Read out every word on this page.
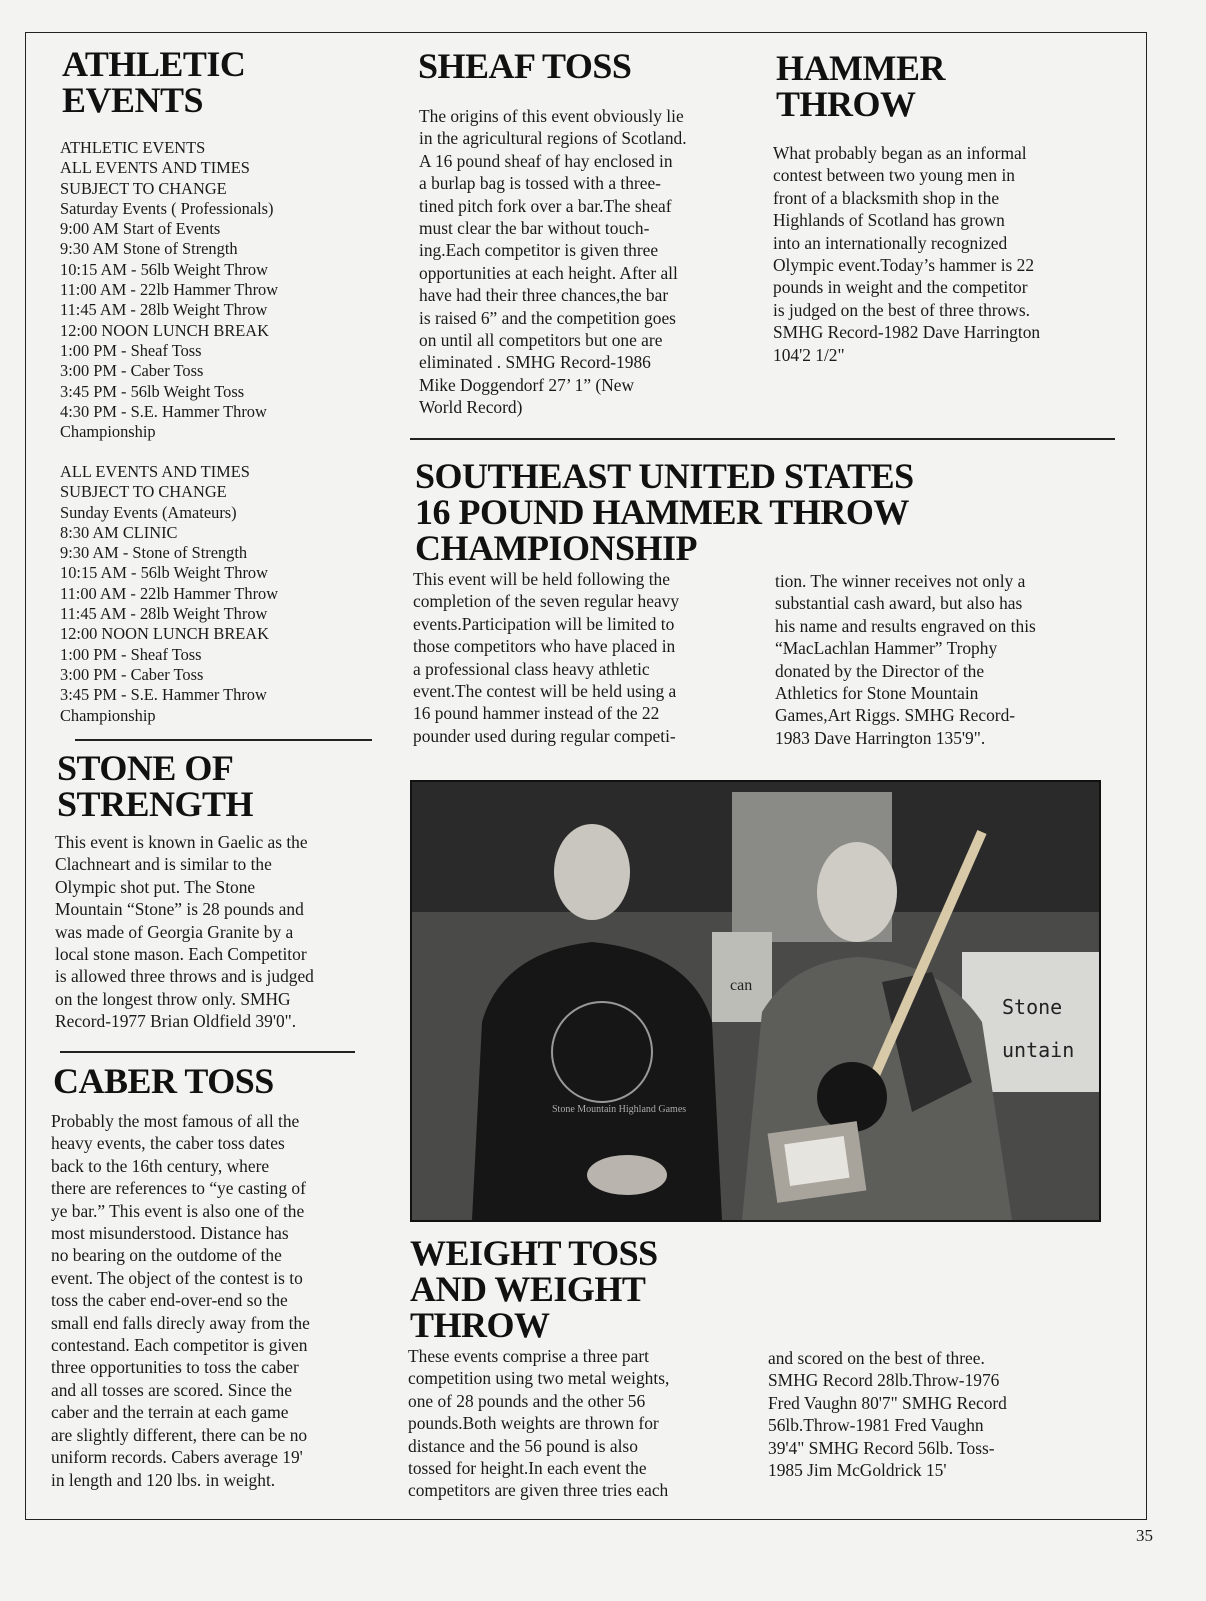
ATHLETIC
EVENTS
ATHLETIC EVENTS
ALL EVENTS AND TIMES
SUBJECT TO CHANGE
Saturday Events ( Professionals)
9:00 AM Start of Events
9:30 AM Stone of Strength
10:15 AM - 56lb Weight Throw
11:00 AM - 22lb Hammer Throw
11:45 AM - 28lb Weight Throw
12:00 NOON LUNCH BREAK
1:00 PM - Sheaf Toss
3:00 PM - Caber Toss
3:45 PM - 56lb Weight Toss
4:30 PM - S.E. Hammer Throw
Championship
ALL EVENTS AND TIMES
SUBJECT TO CHANGE
Sunday Events (Amateurs)
8:30 AM CLINIC
9:30 AM - Stone of Strength
10:15 AM - 56lb Weight Throw
11:00 AM - 22lb Hammer Throw
11:45 AM - 28lb Weight Throw
12:00 NOON LUNCH BREAK
1:00 PM - Sheaf Toss
3:00 PM - Caber Toss
3:45 PM - S.E. Hammer Throw
Championship
STONE OF
STRENGTH
This event is known in Gaelic as the
Clachneart and is similar to the
Olympic shot put. The Stone
Mountain “Stone” is 28 pounds and
was made of Georgia Granite by a
local stone mason. Each Competitor
is allowed three throws and is judged
on the longest throw only. SMHG
Record-1977 Brian Oldfield 39'0".
CABER TOSS
Probably the most famous of all the
heavy events, the caber toss dates
back to the 16th century, where
there are references to “ye casting of
ye bar.” This event is also one of the
most misunderstood. Distance has
no bearing on the outdome of the
event. The object of the contest is to
toss the caber end-over-end so the
small end falls direcly away from the
contestand. Each competitor is given
three opportunities to toss the caber
and all tosses are scored. Since the
caber and the terrain at each game
are slightly different, there can be no
uniform records. Cabers average 19'
in length and 120 lbs. in weight.
SHEAF TOSS
The origins of this event obviously lie
in the agricultural regions of Scotland.
A 16 pound sheaf of hay enclosed in
a burlap bag is tossed with a three-
tined pitch fork over a bar.The sheaf
must clear the bar without touch-
ing.Each competitor is given three
opportunities at each height. After all
have had their three chances,the bar
is raised 6” and the competition goes
on until all competitors but one are
eliminated . SMHG Record-1986
Mike Doggendorf 27’ 1” (New
World Record)
HAMMER
THROW
What probably began as an informal
contest between two young men in
front of a blacksmith shop in the
Highlands of Scotland has grown
into an internationally recognized
Olympic event.Today’s hammer is 22
pounds in weight and the competitor
is judged on the best of three throws.
SMHG Record-1982 Dave Harrington
104'2 1/2"
SOUTHEAST UNITED STATES
16 POUND HAMMER THROW
CHAMPIONSHIP
This event will be held following the
completion of the seven regular heavy
events.Participation will be limited to
those competitors who have placed in
a professional class heavy athletic
event.The contest will be held using a
16 pound hammer instead of the 22
pounder used during regular competi-
tion. The winner receives not only a
substantial cash award, but also has
his name and results engraved on this
“MacLachlan Hammer” Trophy
donated by the Director of the
Athletics for Stone Mountain
Games,Art Riggs. SMHG Record-
1983 Dave Harrington 135'9".
Stone
untain
can
Stone Mountain Highland Games
WEIGHT TOSS
AND WEIGHT
THROW
These events comprise a three part
competition using two metal weights,
one of 28 pounds and the other 56
pounds.Both weights are thrown for
distance and the 56 pound is also
tossed for height.In each event the
competitors are given three tries each
and scored on the best of three.
SMHG Record 28lb.Throw-1976
Fred Vaughn 80'7" SMHG Record
56lb.Throw-1981 Fred Vaughn
39'4" SMHG Record 56lb. Toss-
1985 Jim McGoldrick 15'
35
